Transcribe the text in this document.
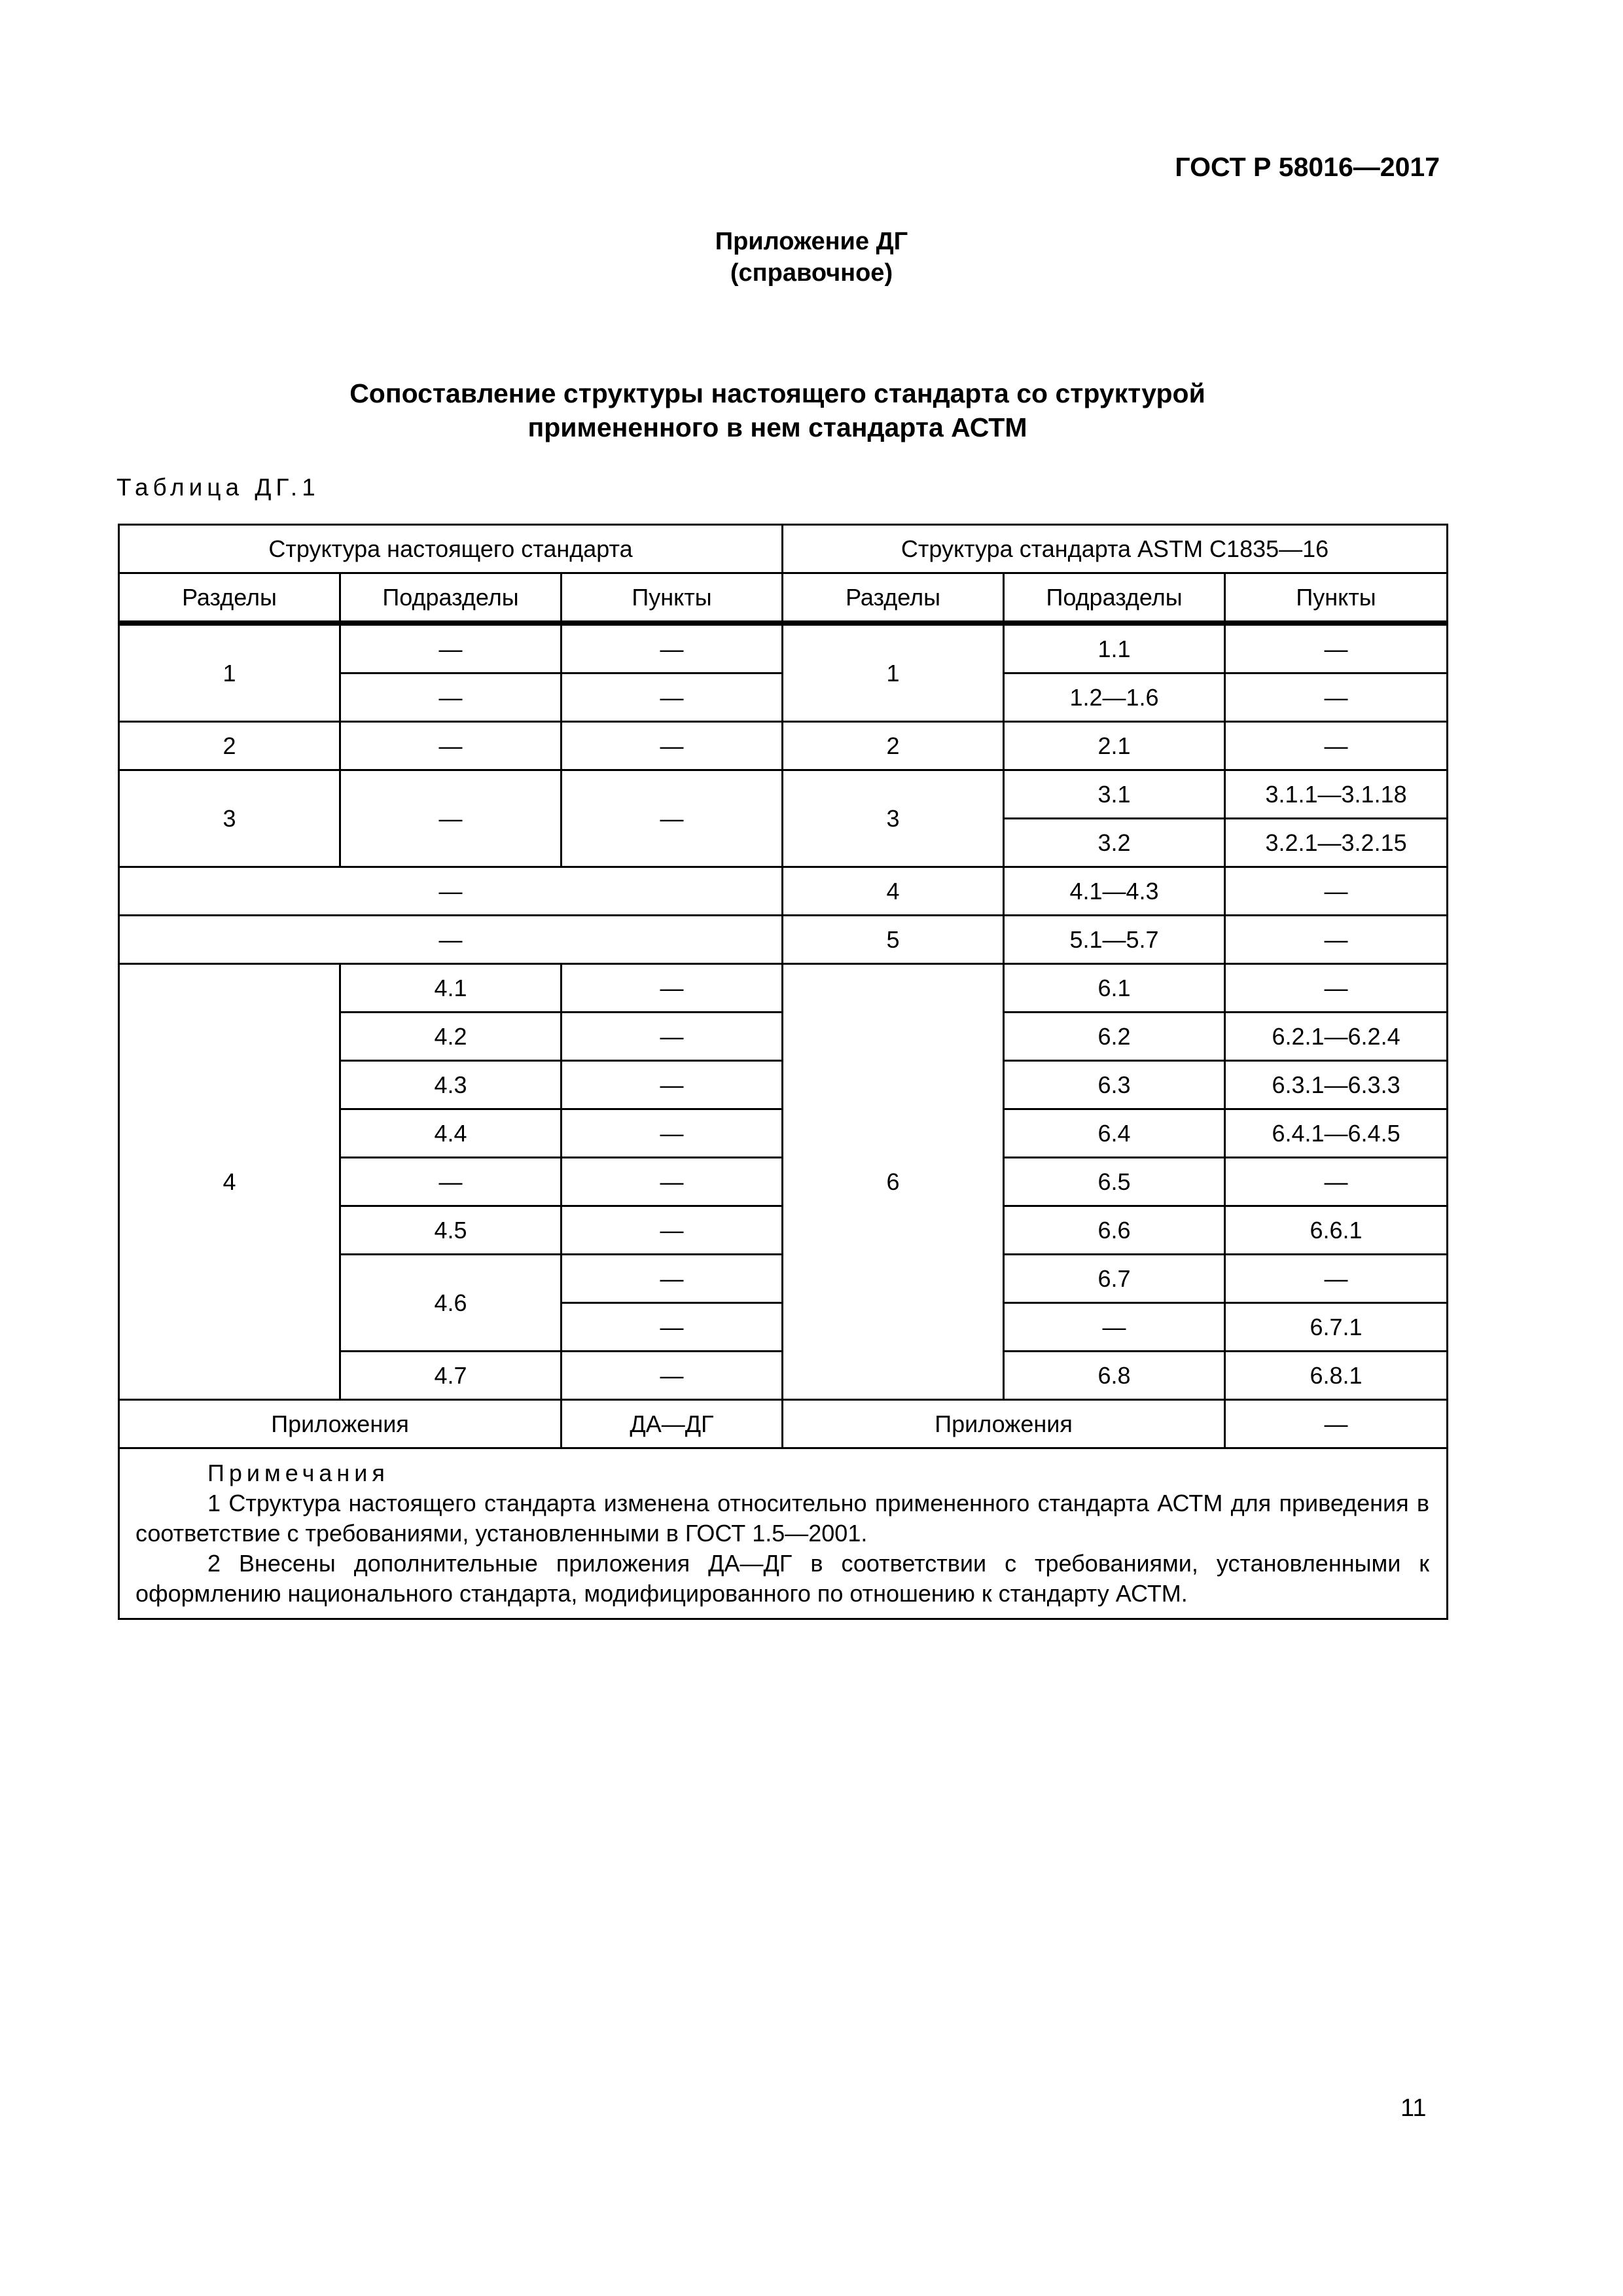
ГОСТ Р 58016—2017
Приложение ДГ
(справочное)
Сопоставление структуры настоящего стандарта со структурой
примененного в нем стандарта АСТМ
Таблица ДГ.1
Структура настоящего стандарта			Структура стандарта ASTM C1835—16		
Разделы	Подразделы	Пункты	Разделы	Подразделы	Пункты
1	—	—	1	1.1	—
	—	—		1.2—1.6	—
2	—	—	2	2.1	—
3	—	—	3	3.1	3.1.1—3.1.18
				3.2	3.2.1—3.2.15
—			4	4.1—4.3	—
—			5	5.1—5.7	—
4	4.1	—	6	6.1	—
	4.2	—		6.2	6.2.1—6.2.4
	4.3	—		6.3	6.3.1—6.3.3
	4.4	—		6.4	6.4.1—6.4.5
	—	—		6.5	—
	4.5	—		6.6	6.6.1
	4.6	—		6.7	—
		—		—	6.7.1
	4.7	—		6.8	6.8.1
Приложения		ДА—ДГ	Приложения		—

Примечания
1 Структура настоящего стандарта изменена относительно примененного стандарта АСТМ для приведения в соответствие с требованиями, установленными в ГОСТ 1.5—2001.
2 Внесены дополнительные приложения ДА—ДГ в соответствии с требованиями, установленными к оформлению национального стандарта, модифицированного по отношению к стандарту АСТМ.					
11
